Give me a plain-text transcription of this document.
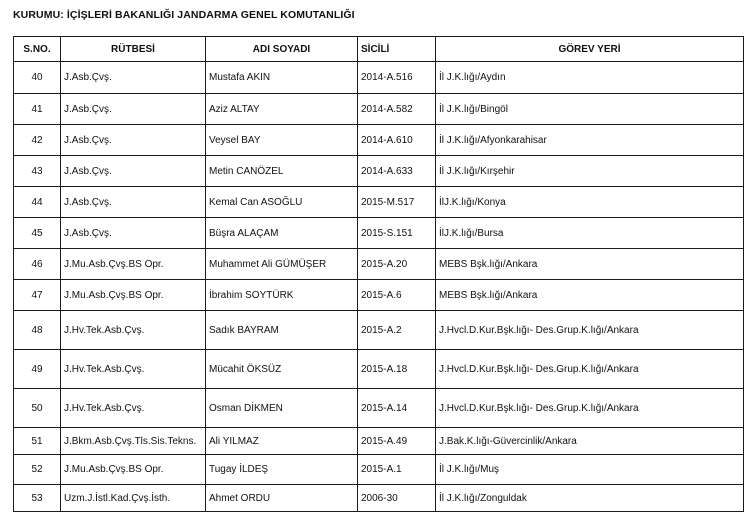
KURUMU: İÇİŞLERİ BAKANLIĞI JANDARMA GENEL KOMUTANLIĞI
S.NO.	RÜTBESİ	ADI SOYADI	SİCİLİ	GÖREV YERİ
40	J.Asb.Çvş.	Mustafa AKIN	2014-A.516	İl J.K.lığı/Aydın
41	J.Asb.Çvş.	Aziz ALTAY	2014-A.582	İl J.K.lığı/Bingöl
42	J.Asb.Çvş.	Veysel BAY	2014-A.610	İl J.K.lığı/Afyonkarahisar
43	J.Asb.Çvş.	Metin CANÖZEL	2014-A.633	İl J.K.lığı/Kırşehir
44	J.Asb.Çvş.	Kemal Can ASOĞLU	2015-M.517	İlJ.K.lığı/Konya
45	J.Asb.Çvş.	Büşra ALAÇAM	2015-S.151	İlJ.K.lığı/Bursa
46	J.Mu.Asb.Çvş.BS Opr.	Muhammet Ali GÜMÜŞER	2015-A.20	MEBS Bşk.lığı/Ankara
47	J.Mu.Asb.Çvş.BS Opr.	İbrahim SOYTÜRK	2015-A.6	MEBS Bşk.lığı/Ankara
48	J.Hv.Tek.Asb.Çvş.	Sadık BAYRAM	2015-A.2	J.Hvcl.D.Kur.Bşk.lığı- Des.Grup.K.lığı/Ankara
49	J.Hv.Tek.Asb.Çvş.	Mücahit ÖKSÜZ	2015-A.18	J.Hvcl.D.Kur.Bşk.lığı- Des.Grup.K.lığı/Ankara
50	J.Hv.Tek.Asb.Çvş.	Osman DİKMEN	2015-A.14	J.Hvcl.D.Kur.Bşk.lığı- Des.Grup.K.lığı/Ankara
51	J.Bkm.Asb.Çvş.Tls.Sis.Tekns.	Ali YILMAZ	2015-A.49	J.Bak.K.lığı-Güvercinlik/Ankara
52	J.Mu.Asb.Çvş.BS Opr.	Tugay İLDEŞ	2015-A.1	İl J.K.lığı/Muş
53	Uzm.J.İstl.Kad.Çvş.İsth.	Ahmet ORDU	2006-30	İl J.K.lığı/Zonguldak
